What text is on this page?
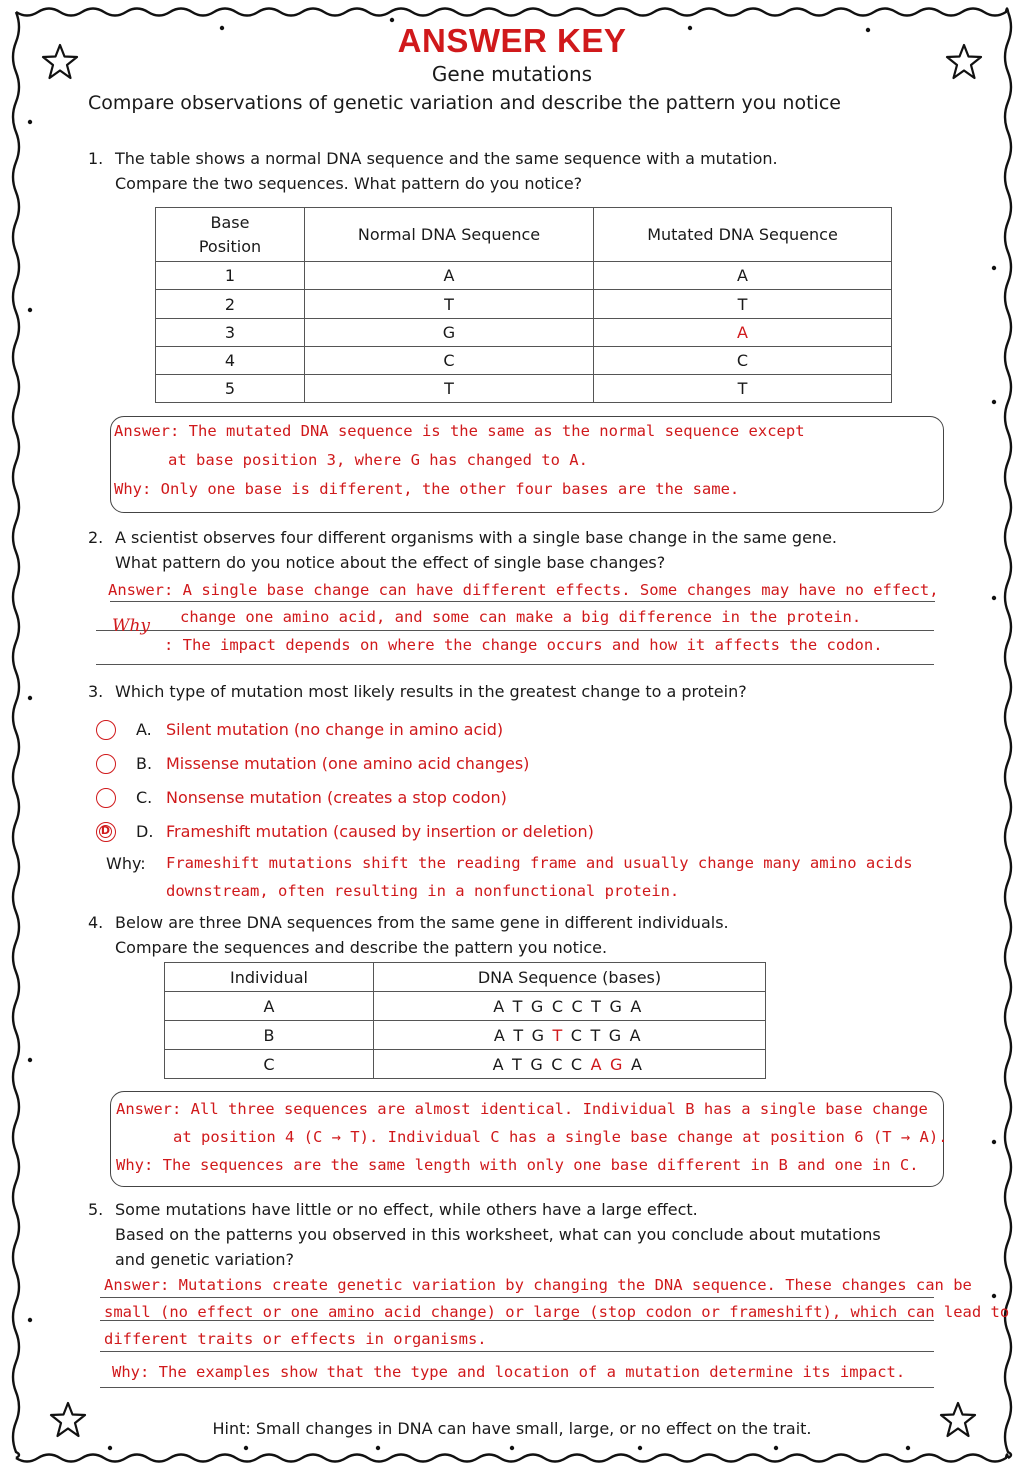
ANSWER KEY
Gene mutations
Compare observations of genetic variation and describe the pattern you notice
1. The table shows a normal DNA sequence and the same sequence with a mutation.
Compare the two sequences. What pattern do you notice?
Base
Position	Normal DNA Sequence	Mutated DNA Sequence
1	A	A
2	T	T
3	G	A
4	C	C
5	T	T
Answer: The mutated DNA sequence is the same as the normal sequence except
at base position 3, where G has changed to A.
Why: Only one base is different, the other four bases are the same.
2. A scientist observes four different organisms with a single base change in the same gene.
What pattern do you notice about the effect of single base changes?
Answer: A single base change can have different effects. Some changes may have no effect,
Why change one amino acid, and some can make a big difference in the protein.
: The impact depends on where the change occurs and how it affects the codon.
3. Which type of mutation most likely results in the greatest change to a protein?
A. Silent mutation (no change in amino acid)
B. Missense mutation (one amino acid changes)
C. Nonsense mutation (creates a stop codon)
D D. Frameshift mutation (caused by insertion or deletion)
Why: Frameshift mutations shift the reading frame and usually change many amino acids
downstream, often resulting in a nonfunctional protein.
4. Below are three DNA sequences from the same gene in different individuals.
Compare the sequences and describe the pattern you notice.
Individual	DNA Sequence (bases)
A	A T G C C T G A
B	A T G T C T G A
C	A T G C C A G A
Answer: All three sequences are almost identical. Individual B has a single base change
at position 4 (C → T). Individual C has a single base change at position 6 (T → A).
Why: The sequences are the same length with only one base different in B and one in C.
5. Some mutations have little or no effect, while others have a large effect.
Based on the patterns you observed in this worksheet, what can you conclude about mutations
and genetic variation?
Answer: Mutations create genetic variation by changing the DNA sequence. These changes can be
small (no effect or one amino acid change) or large (stop codon or frameshift), which can lead to
different traits or effects in organisms.
Why: The examples show that the type and location of a mutation determine its impact.
Hint: Small changes in DNA can have small, large, or no effect on the trait.
